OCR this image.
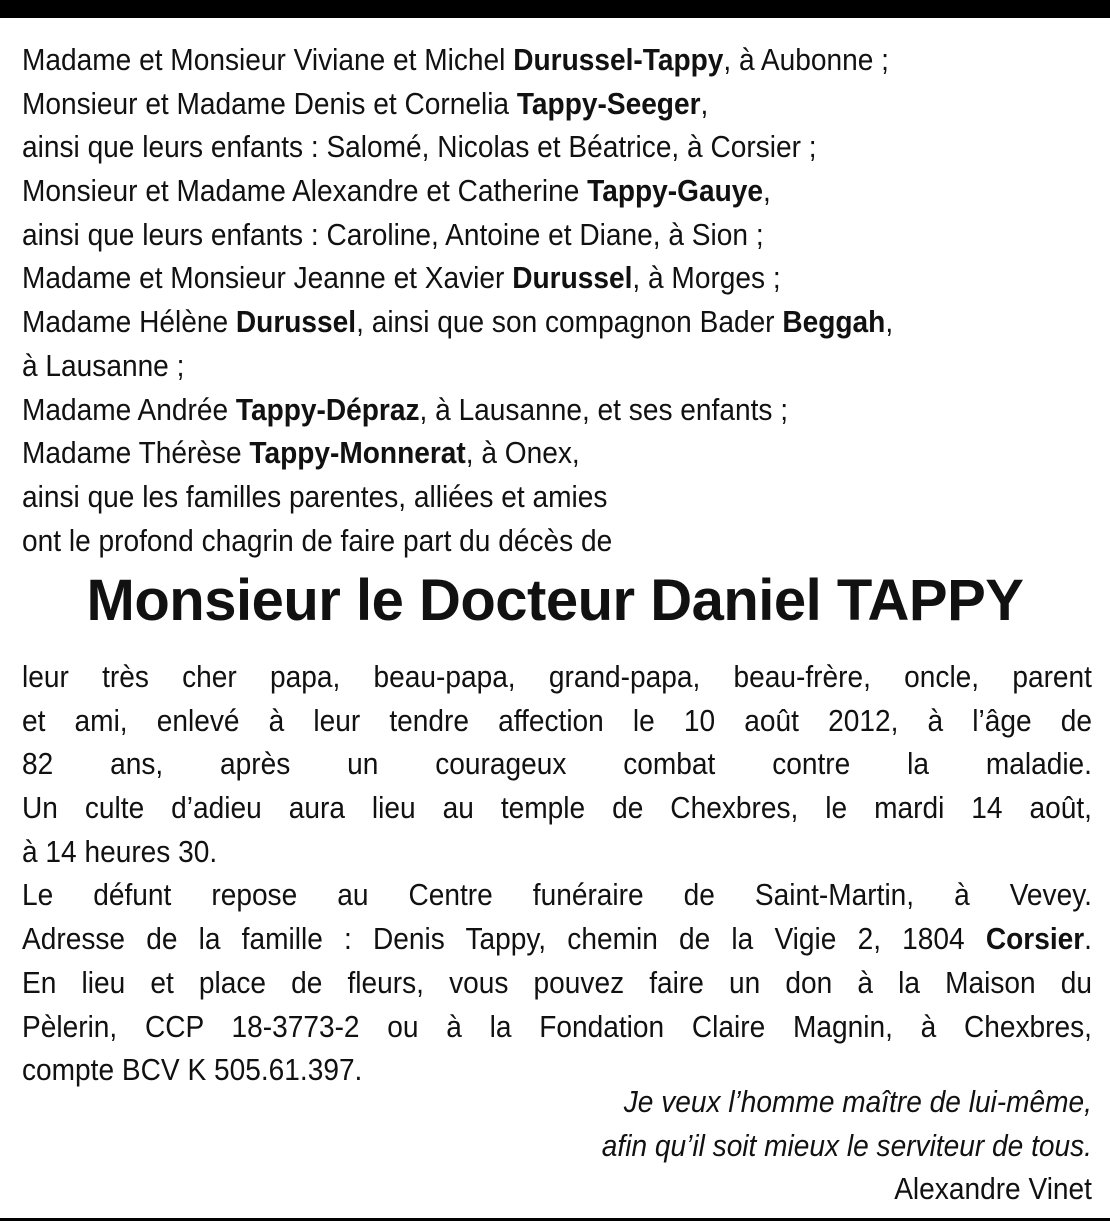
Madame et Monsieur Viviane et Michel Durussel-Tappy, à Aubonne ;
Monsieur et Madame Denis et Cornelia Tappy-Seeger,
ainsi que leurs enfants : Salomé, Nicolas et Béatrice, à Corsier ;
Monsieur et Madame Alexandre et Catherine Tappy-Gauye,
ainsi que leurs enfants : Caroline, Antoine et Diane, à Sion ;
Madame et Monsieur Jeanne et Xavier Durussel, à Morges ;
Madame Hélène Durussel, ainsi que son compagnon Bader Beggah,
à Lausanne ;
Madame Andrée Tappy-Dépraz, à Lausanne, et ses enfants ;
Madame Thérèse Tappy-Monnerat, à Onex,
ainsi que les familles parentes, alliées et amies
ont le profond chagrin de faire part du décès de
Monsieur le Docteur Daniel TAPPY
leur très cher papa, beau-papa, grand-papa, beau-frère, oncle, parent
et ami, enlevé à leur tendre affection le 10 août 2012, à l’âge de
82 ans, après un courageux combat contre la maladie.
Un culte d’adieu aura lieu au temple de Chexbres, le mardi 14 août,
à 14 heures 30.
Le défunt repose au Centre funéraire de Saint-Martin, à Vevey.
Adresse de la famille : Denis Tappy, chemin de la Vigie 2, 1804 Corsier.
En lieu et place de fleurs, vous pouvez faire un don à la Maison du
Pèlerin, CCP 18-3773-2 ou à la Fondation Claire Magnin, à Chexbres,
compte BCV K 505.61.397.
Je veux l’homme maître de lui-même,
afin qu’il soit mieux le serviteur de tous.
Alexandre Vinet
